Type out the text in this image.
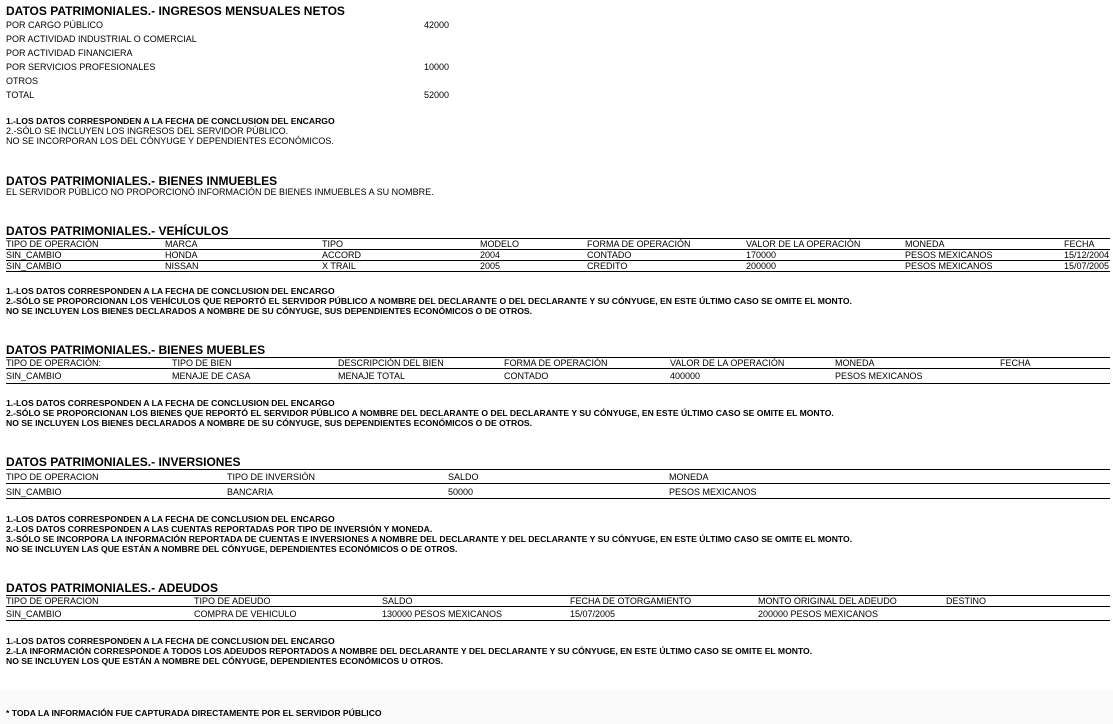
DATOS PATRIMONIALES.- INGRESOS MENSUALES NETOS
POR CARGO PÚBLICO	42000
POR ACTIVIDAD INDUSTRIAL O COMERCIAL
POR ACTIVIDAD FINANCIERA
POR SERVICIOS PROFESIONALES	10000
OTROS
TOTAL	52000
1.-LOS DATOS CORRESPONDEN A LA FECHA DE CONCLUSION DEL ENCARGO
2.-SÓLO SE INCLUYEN LOS INGRESOS DEL SERVIDOR PÚBLICO.
NO SE INCORPORAN LOS DEL CÓNYUGE Y DEPENDIENTES ECONÓMICOS.
DATOS PATRIMONIALES.- BIENES INMUEBLES
EL SERVIDOR PÚBLICO NO PROPORCIONÓ INFORMACIÓN DE BIENES INMUEBLES A SU NOMBRE.
DATOS PATRIMONIALES.- VEHÍCULOS
TIPO DE OPERACIÓN	MARCA	TIPO	MODELO	FORMA DE OPERACIÓN	VALOR DE LA OPERACIÓN	MONEDA	FECHA
SIN_CAMBIO	HONDA	ACCORD	2004	CONTADO	170000	PESOS MEXICANOS	15/12/2004
SIN_CAMBIO	NISSAN	X TRAIL	2005	CREDITO	200000	PESOS MEXICANOS	15/07/2005
1.-LOS DATOS CORRESPONDEN A LA FECHA DE CONCLUSION DEL ENCARGO
2.-SÓLO SE PROPORCIONAN LOS VEHÍCULOS QUE REPORTÓ EL SERVIDOR PÚBLICO A NOMBRE DEL DECLARANTE O DEL DECLARANTE Y SU CÓNYUGE, EN ESTE ÚLTIMO CASO SE OMITE EL MONTO.
NO SE INCLUYEN LOS BIENES DECLARADOS A NOMBRE DE SU CÓNYUGE, SUS DEPENDIENTES ECONÓMICOS O DE OTROS.
DATOS PATRIMONIALES.- BIENES MUEBLES
TIPO DE OPERACIÓN:	TIPO DE BIEN	DESCRIPCIÓN DEL BIEN	FORMA DE OPERACIÓN	VALOR DE LA OPERACIÓN	MONEDA	FECHA
SIN_CAMBIO	MENAJE DE CASA	MENAJE TOTAL	CONTADO	400000	PESOS MEXICANOS
1.-LOS DATOS CORRESPONDEN A LA FECHA DE CONCLUSION DEL ENCARGO
2.-SÓLO SE PROPORCIONAN LOS BIENES QUE REPORTÓ EL SERVIDOR PÚBLICO A NOMBRE DEL DECLARANTE O DEL DECLARANTE Y SU CÓNYUGE, EN ESTE ÚLTIMO CASO SE OMITE EL MONTO.
NO SE INCLUYEN LOS BIENES DECLARADOS A NOMBRE DE SU CÓNYUGE, SUS DEPENDIENTES ECONÓMICOS O DE OTROS.
DATOS PATRIMONIALES.- INVERSIONES
TIPO DE OPERACION	TIPO DE INVERSIÓN	SALDO	MONEDA
SIN_CAMBIO	BANCARIA	50000	PESOS MEXICANOS
1.-LOS DATOS CORRESPONDEN A LA FECHA DE CONCLUSION DEL ENCARGO
2.-LOS DATOS CORRESPONDEN A LAS CUENTAS REPORTADAS POR TIPO DE INVERSIÓN Y MONEDA.
3.-SÓLO SE INCORPORA LA INFORMACIÓN REPORTADA DE CUENTAS E INVERSIONES A NOMBRE DEL DECLARANTE Y DEL DECLARANTE Y SU CÓNYUGE, EN ESTE ÚLTIMO CASO SE OMITE EL MONTO.
NO SE INCLUYEN LAS QUE ESTÁN A NOMBRE DEL CÓNYUGE, DEPENDIENTES ECONÓMICOS O DE OTROS.
DATOS PATRIMONIALES.- ADEUDOS
TIPO DE OPERACION	TIPO DE ADEUDO	SALDO	FECHA DE OTORGAMIENTO	MONTO ORIGINAL DEL ADEUDO	DESTINO
SIN_CAMBIO	COMPRA DE VEHICULO	130000 PESOS MEXICANOS	15/07/2005	200000 PESOS MEXICANOS
1.-LOS DATOS CORRESPONDEN A LA FECHA DE CONCLUSION DEL ENCARGO
2.-LA INFORMACIÓN CORRESPONDE A TODOS LOS ADEUDOS REPORTADOS A NOMBRE DEL DECLARANTE Y DEL DECLARANTE Y SU CÓNYUGE, EN ESTE ÚLTIMO CASO SE OMITE EL MONTO.
NO SE INCLUYEN LOS QUE ESTÁN A NOMBRE DEL CÓNYUGE, DEPENDIENTES ECONÓMICOS U OTROS.
* TODA LA INFORMACIÓN FUE CAPTURADA DIRECTAMENTE POR EL SERVIDOR PÚBLICO
